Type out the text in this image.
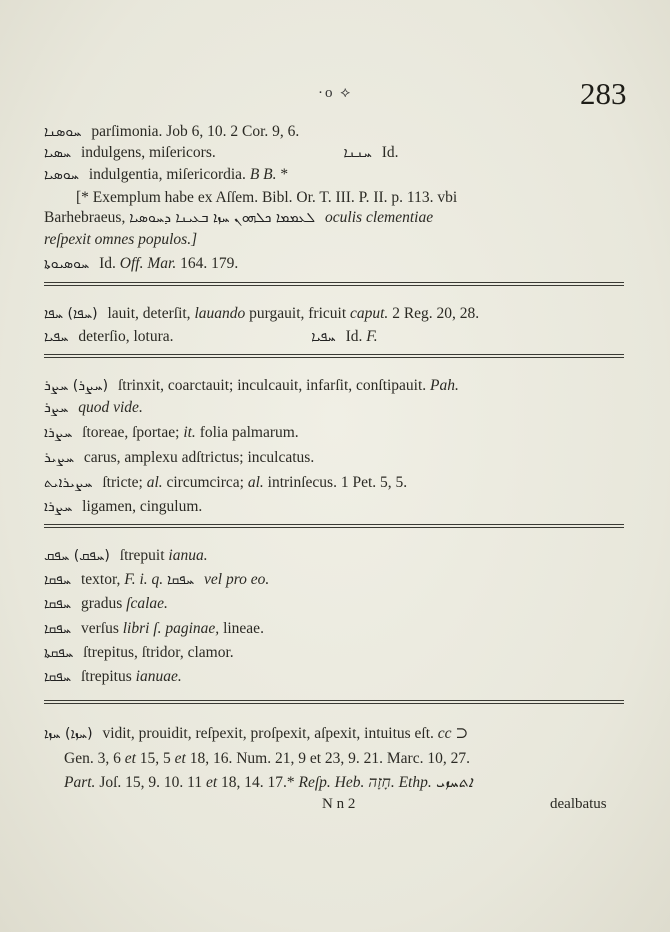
·o ⟡	283
ܚܘܣܢܐ parſimonia. Job 6, 10. 2 Cor. 9, 6.
ܚܣܝܐ indulgens, miſericors.	ܚܢܢܐ Id.
ܚܘܣܝܐ indulgentia, miſericordia. B B. *
[* Exemplum habe ex Aſſem. Bibl. Or. T. III. P. II. p. 113. vbi
Barhebraeus, ܠܥܡܡܐ ܟܠܗܘܢ ܚܙܐ ܒܥܝܢܐ ܕܚܘܣܝܐ oculis clementiae
reſpexit omnes populos.]
ܚܘܣܝܘܬܐ Id. Off. Mar. 164. 179.
(ܚܦܐ) ܚܦܐ lauit, deterſit, lauando purgauit, fricuit caput. 2 Reg. 20, 28.
ܚܦܝܐ deterſio, lotura.	ܚܦܝܐ Id. F.
(ܚܨܪ) ܚܨܪ ſtrinxit, coarctauit; inculcauit, infarſit, conſtipauit. Pah.
ܚܨܪ quod vide.
ܚܨܪܐ ſtoreae, ſportae; it. folia palmarum.
ܚܨܝܪ carus, amplexu adſtrictus; inculcatus.
ܚܨܝܪܐܝܬ ſtricte; al. circumcirca; al. intrinſecus. 1 Pet. 5, 5.
ܚܨܪܐ ligamen, cingulum.
(ܚܦܩ) ܚܦܩ ſtrepuit ianua.
ܚܦܩܐ textor, F. i. q. ܚܦܩܐ vel pro eo.
ܚܦܩܐ gradus ſcalae.
ܚܦܩܐ verſus libri ſ. paginae, lineae.
ܚܦܩܬܐ ſtrepitus, ſtridor, clamor.
ܚܦܩܐ ſtrepitus ianuae.
(ܚܙܐ) ܚܙܐ vidit, prouidit, reſpexit, proſpexit, aſpexit, intuitus eſt. cc ⊃
Gen. 3, 6 et 15, 5 et 18, 16. Num. 21, 9 et 23, 9. 21. Marc. 10, 27.
Part. Joſ. 15, 9. 10. 11 et 18, 14. 17.* Reſp. Heb. חָזָה. Ethp. ܐܬܚܙܝ
N n 2	dealbatus
